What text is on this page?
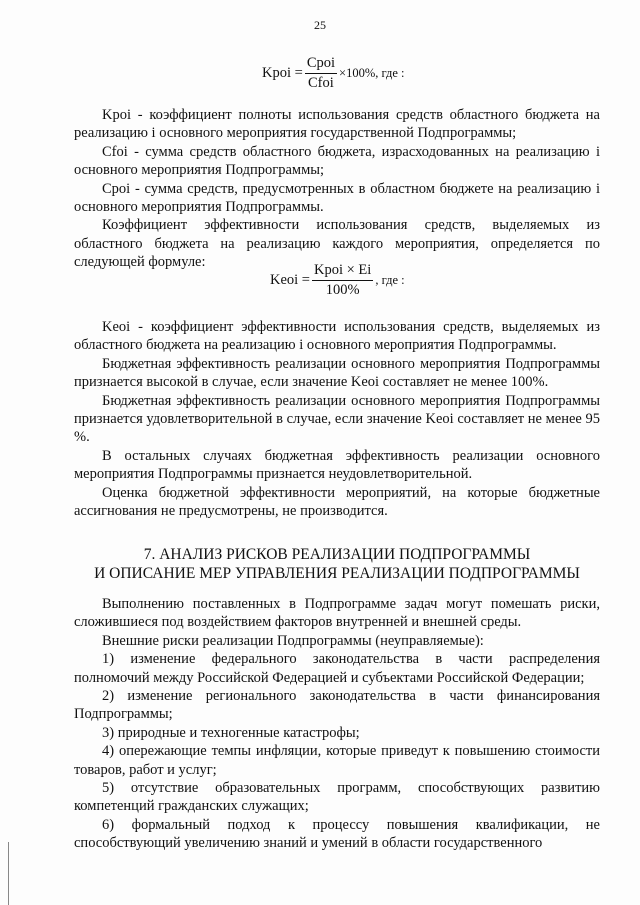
25
Kpoi = $\frac{\text{Cpoi}}{\text{Cfoi}} \times 100\%$, где :

Kpoi - коэффициент полноты использования средств областного бюджета на реализацию i основного мероприятия государственной Подпрограммы;

Cfoi - сумма средств областного бюджета, израсходованных на реализацию i основного мероприятия Подпрограммы;

Cpoi - сумма средств, предусмотренных в областном бюджете на реализацию i основного мероприятия Подпрограммы.

Коэффициент эффективности использования средств, выделяемых из областного бюджета на реализацию каждого мероприятия, определяется по следующей формуле:

Keoi = $\frac{\text{Kpoi × Ei}}{100\%}$ , где :

Keoi - коэффициент эффективности использования средств, выделяемых из областного бюджета на реализацию i основного мероприятия Подпрограммы.

Бюджетная эффективность реализации основного мероприятия Подпрограммы признается высокой в случае, если значение Keoi составляет не менее 100%.

Бюджетная эффективность реализации основного мероприятия Подпрограммы признается удовлетворительной в случае, если значение Keoi составляет не менее 95 %.

В остальных случаях бюджетная эффективность реализации основного мероприятия Подпрограммы признается неудовлетворительной.

Оценка бюджетной эффективности мероприятий, на которые бюджетные ассигнования не предусмотрены, не производится.

7. АНАЛИЗ РИСКОВ РЕАЛИЗАЦИИ ПОДПРОГРАММЫ
И ОПИСАНИЕ МЕР УПРАВЛЕНИЯ РЕАЛИЗАЦИИ ПОДПРОГРАММЫ

Выполнению поставленных в Подпрограмме задач могут помешать риски, сложившиеся под воздействием факторов внутренней и внешней среды.

Внешние риски реализации Подпрограммы (неуправляемые):

1) изменение федерального законодательства в части распределения полномочий между Российской Федерацией и субъектами Российской Федерации;

2) изменение регионального законодательства в части финансирования Подпрограммы;

3) природные и техногенные катастрофы;

4) опережающие темпы инфляции, которые приведут к повышению стоимости товаров, работ и услуг;

5) отсутствие образовательных программ, способствующих развитию компетенций гражданских служащих;

6) формальный подход к процессу повышения квалификации, не способствующий увеличению знаний и умений в области государственного
